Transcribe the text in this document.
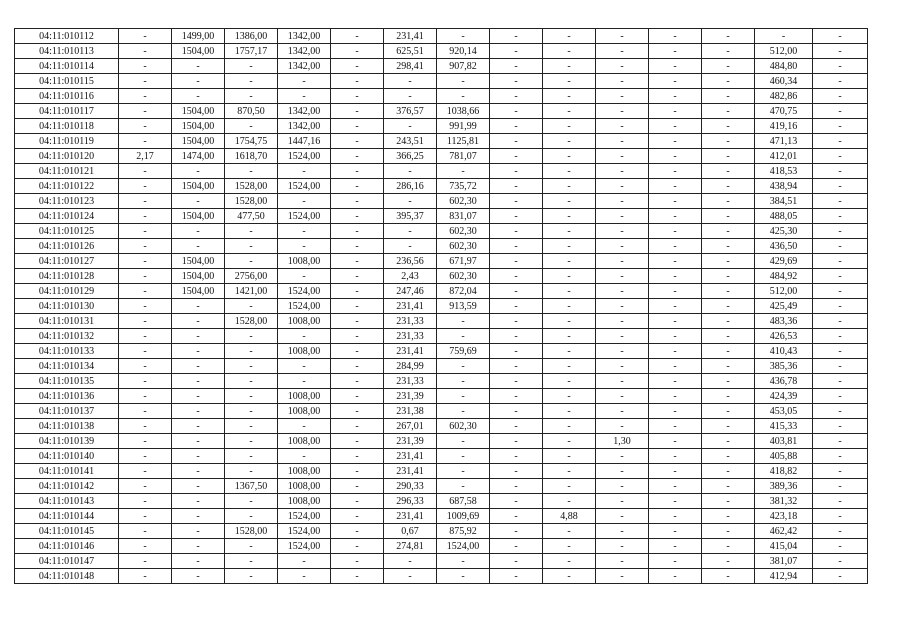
04:11:010112	-	1499,00	1386,00	1342,00	-	231,41	-	-	-	-	-	-	-	-
04:11:010113	-	1504,00	1757,17	1342,00	-	625,51	920,14	-	-	-	-	-	512,00	-
04:11:010114	-	-	-	1342,00	-	298,41	907,82	-	-	-	-	-	484,80	-
04:11:010115	-	-	-	-	-	-	-	-	-	-	-	-	460,34	-
04:11:010116	-	-	-	-	-	-	-	-	-	-	-	-	482,86	-
04:11:010117	-	1504,00	870,50	1342,00	-	376,57	1038,66	-	-	-	-	-	470,75	-
04:11:010118	-	1504,00	-	1342,00	-	-	991,99	-	-	-	-	-	419,16	-
04:11:010119	-	1504,00	1754,75	1447,16	-	243,51	1125,81	-	-	-	-	-	471,13	-
04:11:010120	2,17	1474,00	1618,70	1524,00	-	366,25	781,07	-	-	-	-	-	412,01	-
04:11:010121	-	-	-	-	-	-	-	-	-	-	-	-	418,53	-
04:11:010122	-	1504,00	1528,00	1524,00	-	286,16	735,72	-	-	-	-	-	438,94	-
04:11:010123	-	-	1528,00	-	-	-	602,30	-	-	-	-	-	384,51	-
04:11:010124	-	1504,00	477,50	1524,00	-	395,37	831,07	-	-	-	-	-	488,05	-
04:11:010125	-	-	-	-	-	-	602,30	-	-	-	-	-	425,30	-
04:11:010126	-	-	-	-	-	-	602,30	-	-	-	-	-	436,50	-
04:11:010127	-	1504,00	-	1008,00	-	236,56	671,97	-	-	-	-	-	429,69	-
04:11:010128	-	1504,00	2756,00	-	-	2,43	602,30	-	-	-	-	-	484,92	-
04:11:010129	-	1504,00	1421,00	1524,00	-	247,46	872,04	-	-	-	-	-	512,00	-
04:11:010130	-	-	-	1524,00	-	231,41	913,59	-	-	-	-	-	425,49	-
04:11:010131	-	-	1528,00	1008,00	-	231,33	-	-	-	-	-	-	483,36	-
04:11:010132	-	-	-	-	-	231,33	-	-	-	-	-	-	426,53	-
04:11:010133	-	-	-	1008,00	-	231,41	759,69	-	-	-	-	-	410,43	-
04:11:010134	-	-	-	-	-	284,99	-	-	-	-	-	-	385,36	-
04:11:010135	-	-	-	-	-	231,33	-	-	-	-	-	-	436,78	-
04:11:010136	-	-	-	1008,00	-	231,39	-	-	-	-	-	-	424,39	-
04:11:010137	-	-	-	1008,00	-	231,38	-	-	-	-	-	-	453,05	-
04:11:010138	-	-	-	-	-	267,01	602,30	-	-	-	-	-	415,33	-
04:11:010139	-	-	-	1008,00	-	231,39	-	-	-	1,30	-	-	403,81	-
04:11:010140	-	-	-	-	-	231,41	-	-	-	-	-	-	405,88	-
04:11:010141	-	-	-	1008,00	-	231,41	-	-	-	-	-	-	418,82	-
04:11:010142	-	-	1367,50	1008,00	-	290,33	-	-	-	-	-	-	389,36	-
04:11:010143	-	-	-	1008,00	-	296,33	687,58	-	-	-	-	-	381,32	-
04:11:010144	-	-	-	1524,00	-	231,41	1009,69	-	4,88	-	-	-	423,18	-
04:11:010145	-	-	1528,00	1524,00	-	0,67	875,92	-	-	-	-	-	462,42	-
04:11:010146	-	-	-	1524,00	-	274,81	1524,00	-	-	-	-	-	415,04	-
04:11:010147	-	-	-	-	-	-	-	-	-	-	-	-	381,07	-
04:11:010148	-	-	-	-	-	-	-	-	-	-	-	-	412,94	-
